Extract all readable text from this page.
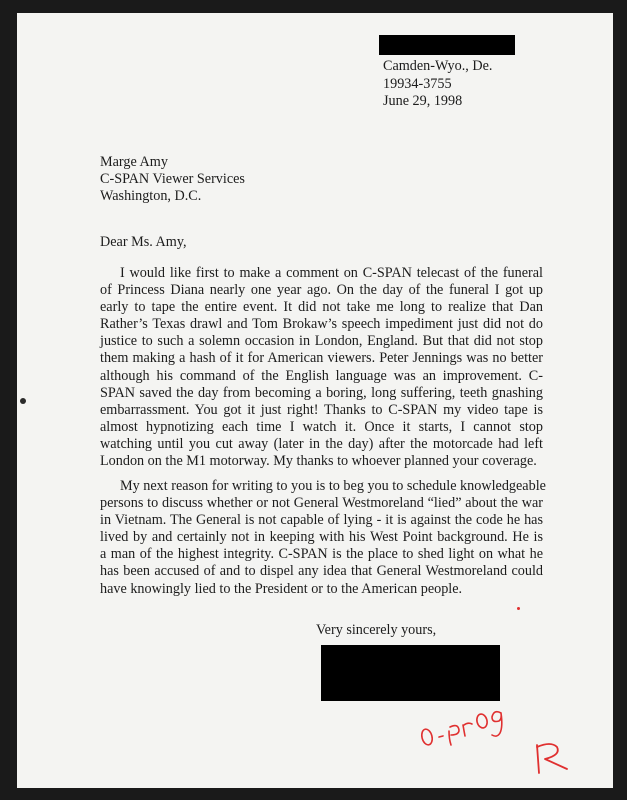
Camden-Wyo., De.
19934-3755
June 29, 1998
Marge Amy
C-SPAN Viewer Services
Washington, D.C.
Dear Ms. Amy,
I would like first to make a comment on C-SPAN telecast of the funeral
of Princess Diana nearly one year ago. On the day of the funeral I got up
early to tape the entire event. It did not take me long to realize that Dan
Rather’s Texas drawl and Tom Brokaw’s speech impediment just did not do
justice to such a solemn occasion in London, England. But that did not stop
them making a hash of it for American viewers. Peter Jennings was no better
although his command of the English language was an improvement. C-
SPAN saved the day from becoming a boring, long suffering, teeth gnashing
embarrassment. You got it just right! Thanks to C-SPAN my video tape is
almost hypnotizing each time I watch it. Once it starts, I cannot stop
watching until you cut away (later in the day) after the motorcade had left
London on the M1 motorway. My thanks to whoever planned your coverage.
My next reason for writing to you is to beg you to schedule knowledgeable
persons to discuss whether or not General Westmoreland “lied” about the war
in Vietnam. The General is not capable of lying - it is against the code he has
lived by and certainly not in keeping with his West Point background. He is
a man of the highest integrity. C-SPAN is the place to shed light on what he
has been accused of and to dispel any idea that General Westmoreland could
have knowingly lied to the President or to the American people.
Very sincerely yours,
